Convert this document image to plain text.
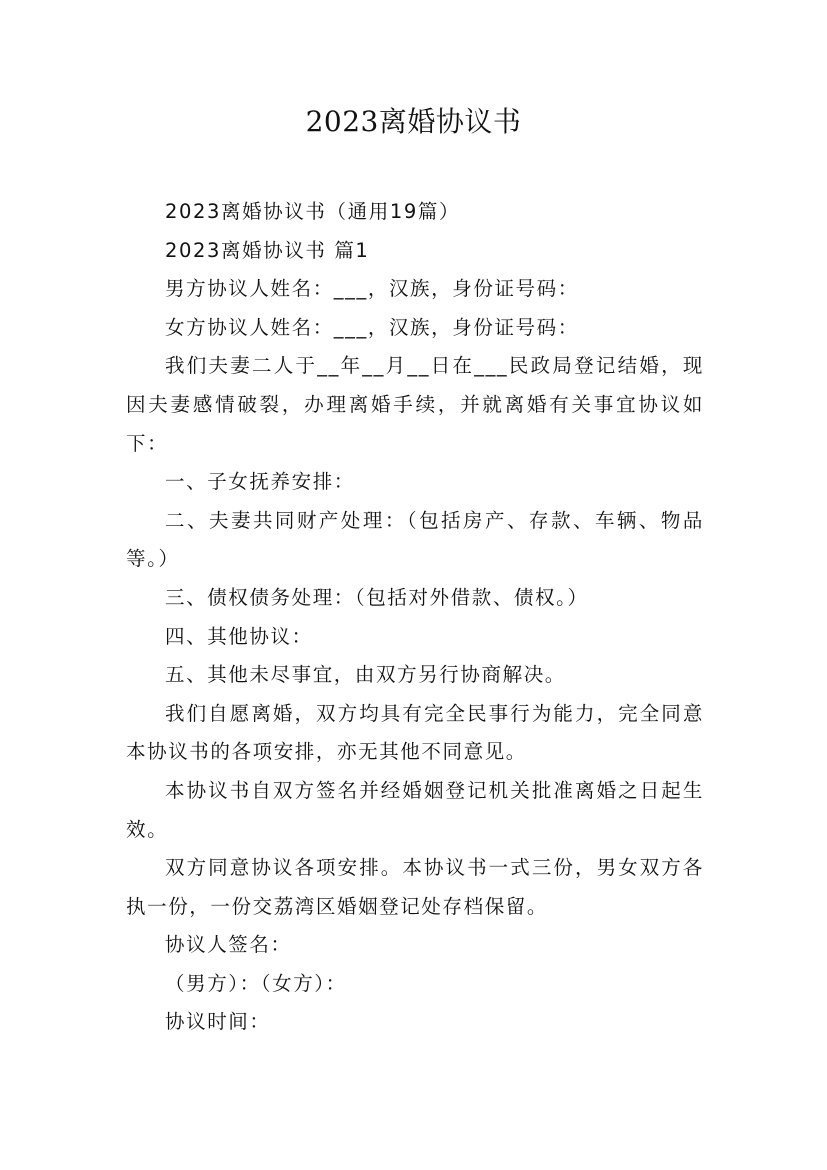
2023离婚协议书

2023离婚协议书（通用19篇）

2023离婚协议书 篇1

男方协议人姓名：___，汉族，身份证号码：

女方协议人姓名：___，汉族，身份证号码：

我们夫妻二人于__年__月__日在___民政局登记结婚，现因夫妻感情破裂，办理离婚手续，并就离婚有关事宜协议如下：

一、子女抚养安排：

二、夫妻共同财产处理：（包括房产、存款、车辆、物品等。）

三、债权债务处理：（包括对外借款、债权。）

四、其他协议：

五、其他未尽事宜，由双方另行协商解决。

我们自愿离婚，双方均具有完全民事行为能力，完全同意本协议书的各项安排，亦无其他不同意见。

本协议书自双方签名并经婚姻登记机关批准离婚之日起生效。

双方同意协议各项安排。本协议书一式三份，男女双方各执一份，一份交荔湾区婚姻登记处存档保留。

协议人签名：

（男方）：（女方）：

协议时间：
